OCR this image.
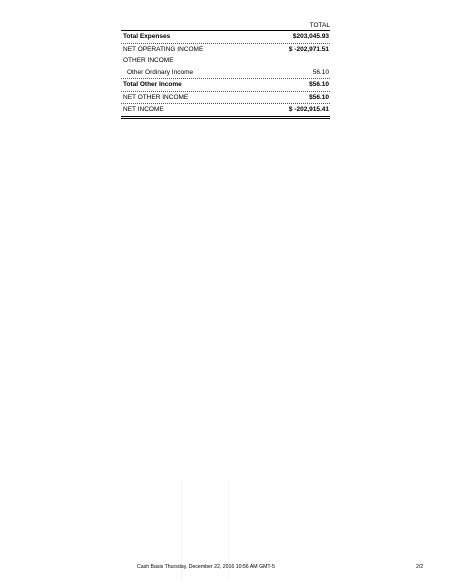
TOTAL
Total Expenses	$203,045.93
NET OPERATING INCOME	$ -202,971.51
OTHER INCOME
Other Ordinary Income	56.10
Total Other Income	$56.10
NET OTHER INCOME	$56.10
NET INCOME	$ -202,915.41
Cash Basis Thursday, December 22, 2016 10:56 AM GMT-5	2/2
